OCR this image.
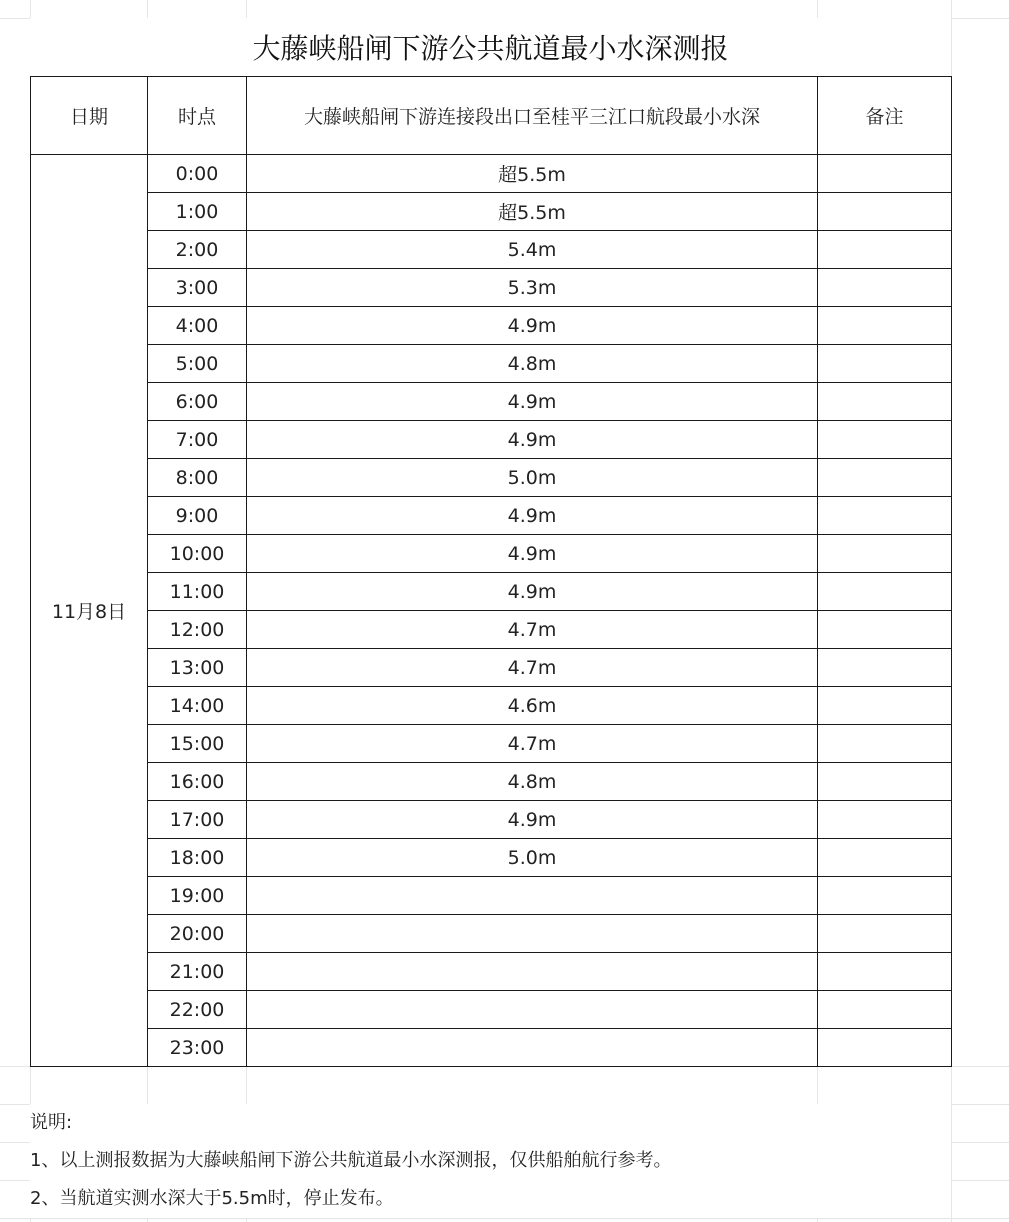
大藤峡船闸下游公共航道最小水深测报
日期	时点	大藤峡船闸下游连接段出口至桂平三江口航段最小水深	备注
11月8日	0:00	超5.5m	
	1:00	超5.5m	
	2:00	5.4m	
	3:00	5.3m	
	4:00	4.9m	
	5:00	4.8m	
	6:00	4.9m	
	7:00	4.9m	
	8:00	5.0m	
	9:00	4.9m	
	10:00	4.9m	
	11:00	4.9m	
	12:00	4.7m	
	13:00	4.7m	
	14:00	4.6m	
	15:00	4.7m	
	16:00	4.8m	
	17:00	4.9m	
	18:00	5.0m	
	19:00		
	20:00		
	21:00		
	22:00		
	23:00		
说明:
1、以上测报数据为大藤峡船闸下游公共航道最小水深测报，仅供船舶航行参考。
2、当航道实测水深大于5.5m时，停止发布。
